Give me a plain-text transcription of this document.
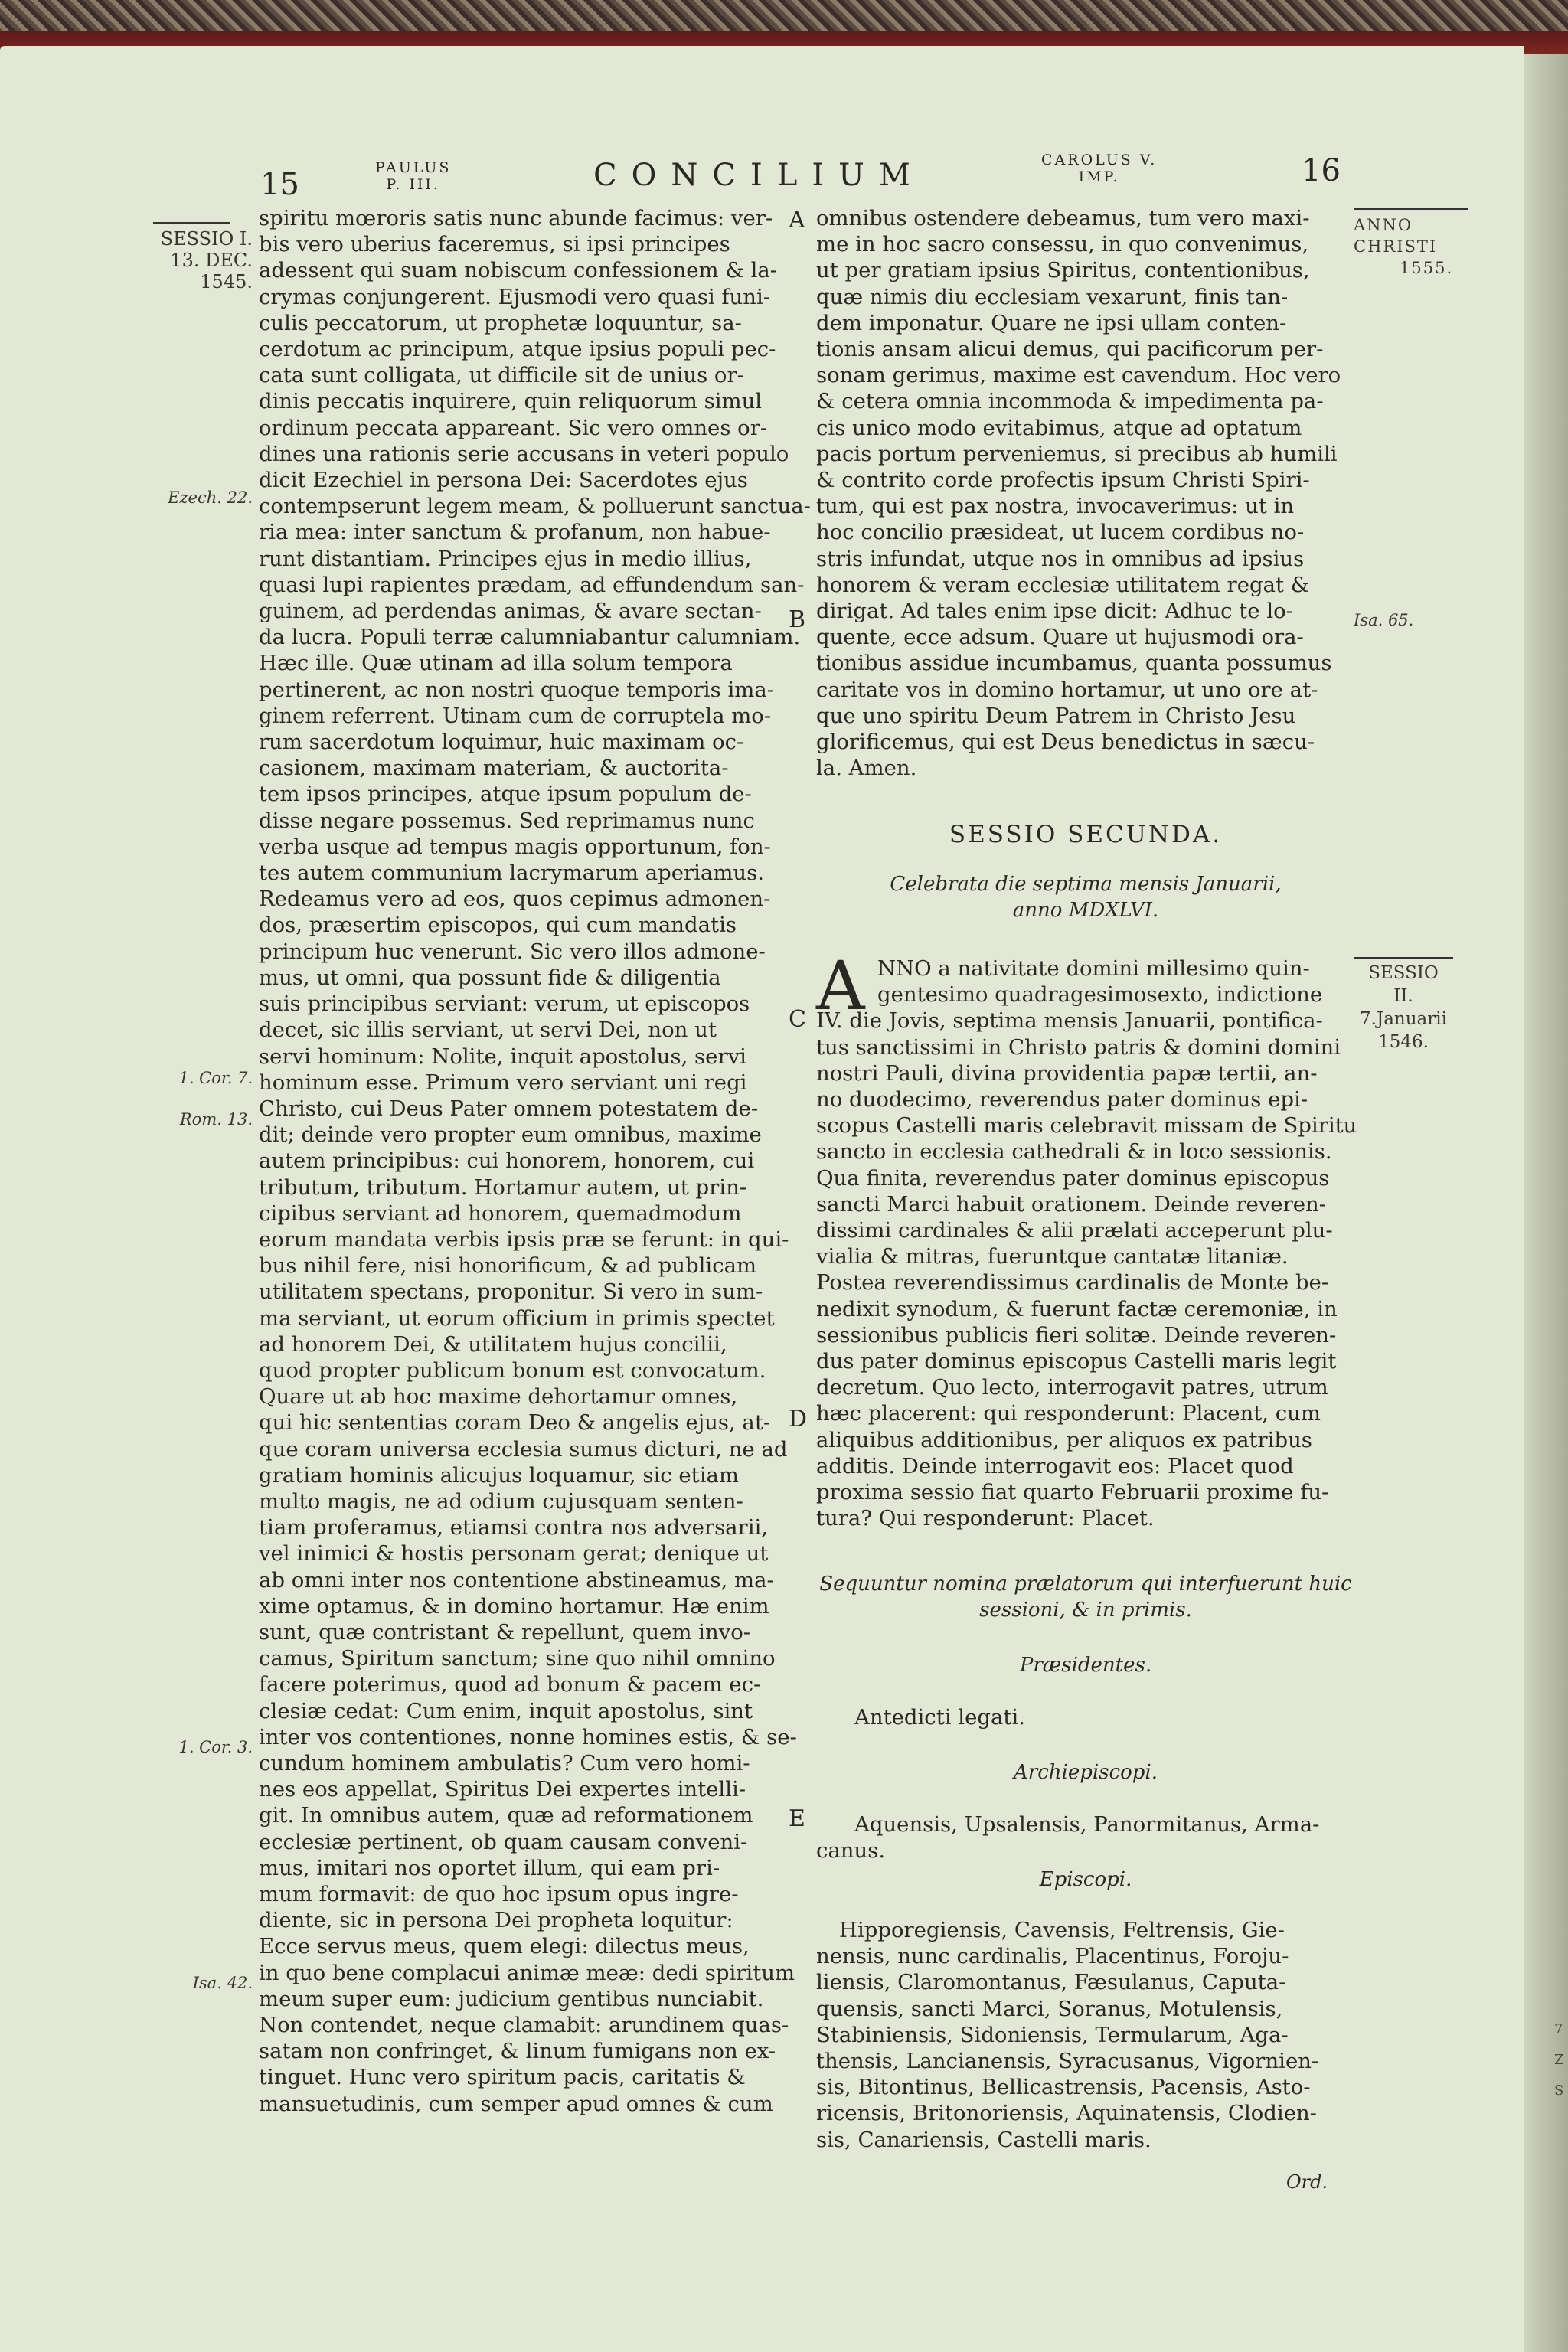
7
Z
S
15	PAULUS
P. III.	CONCILIUM	CAROLUS V.
IMP.	16
SESSIO I.
13. DEC.
1545.
Ezech. 22.
1. Cor. 7.
Rom. 13.
1. Cor. 3.
Isa. 42.
A
B
C
D
E
spiritu mœroris satis nunc abunde facimus: ver-
bis vero uberius faceremus, si ipsi principes
adessent qui suam nobiscum confessionem & la-
crymas conjungerent. Ejusmodi vero quasi funi-
culis peccatorum, ut prophetæ loquuntur, sa-
cerdotum ac principum, atque ipsius populi pec-
cata sunt colligata, ut difficile sit de unius or-
dinis peccatis inquirere, quin reliquorum simul
ordinum peccata appareant. Sic vero omnes or-
dines una rationis serie accusans in veteri populo
dicit Ezechiel in persona Dei: Sacerdotes ejus
contempserunt legem meam, & polluerunt sanctua-
ria mea: inter sanctum & profanum, non habue-
runt distantiam. Principes ejus in medio illius,
quasi lupi rapientes prædam, ad effundendum san-
guinem, ad perdendas animas, & avare sectan-
da lucra. Populi terræ calumniabantur calumniam.
Hæc ille. Quæ utinam ad illa solum tempora
pertinerent, ac non nostri quoque temporis ima-
ginem referrent. Utinam cum de corruptela mo-
rum sacerdotum loquimur, huic maximam oc-
casionem, maximam materiam, & auctorita-
tem ipsos principes, atque ipsum populum de-
disse negare possemus. Sed reprimamus nunc
verba usque ad tempus magis opportunum, fon-
tes autem communium lacrymarum aperiamus.
Redeamus vero ad eos, quos cepimus admonen-
dos, præsertim episcopos, qui cum mandatis
principum huc venerunt. Sic vero illos admone-
mus, ut omni, qua possunt fide & diligentia
suis principibus serviant: verum, ut episcopos
decet, sic illis serviant, ut servi Dei, non ut
servi hominum: Nolite, inquit apostolus, servi
hominum esse. Primum vero serviant uni regi
Christo, cui Deus Pater omnem potestatem de-
dit; deinde vero propter eum omnibus, maxime
autem principibus: cui honorem, honorem, cui
tributum, tributum. Hortamur autem, ut prin-
cipibus serviant ad honorem, quemadmodum
eorum mandata verbis ipsis præ se ferunt: in qui-
bus nihil fere, nisi honorificum, & ad publicam
utilitatem spectans, proponitur. Si vero in sum-
ma serviant, ut eorum officium in primis spectet
ad honorem Dei, & utilitatem hujus concilii,
quod propter publicum bonum est convocatum.
Quare ut ab hoc maxime dehortamur omnes,
qui hic sententias coram Deo & angelis ejus, at-
que coram universa ecclesia sumus dicturi, ne ad
gratiam hominis alicujus loquamur, sic etiam
multo magis, ne ad odium cujusquam senten-
tiam proferamus, etiamsi contra nos adversarii,
vel inimici & hostis personam gerat; denique ut
ab omni inter nos contentione abstineamus, ma-
xime optamus, & in domino hortamur. Hæ enim
sunt, quæ contristant & repellunt, quem invo-
camus, Spiritum sanctum; sine quo nihil omnino
facere poterimus, quod ad bonum & pacem ec-
clesiæ cedat: Cum enim, inquit apostolus, sint
inter vos contentiones, nonne homines estis, & se-
cundum hominem ambulatis? Cum vero homi-
nes eos appellat, Spiritus Dei expertes intelli-
git. In omnibus autem, quæ ad reformationem
ecclesiæ pertinent, ob quam causam conveni-
mus, imitari nos oportet illum, qui eam pri-
mum formavit: de quo hoc ipsum opus ingre-
diente, sic in persona Dei propheta loquitur:
Ecce servus meus, quem elegi: dilectus meus,
in quo bene complacui animæ meæ: dedi spiritum
meum super eum: judicium gentibus nunciabit.
Non contendet, neque clamabit: arundinem quas-
satam non confringet, & linum fumigans non ex-
tinguet. Hunc vero spiritum pacis, caritatis &
mansuetudinis, cum semper apud omnes & cum
omnibus ostendere debeamus, tum vero maxi-
me in hoc sacro consessu, in quo convenimus,
ut per gratiam ipsius Spiritus, contentionibus,
quæ nimis diu ecclesiam vexarunt, finis tan-
dem imponatur. Quare ne ipsi ullam conten-
tionis ansam alicui demus, qui pacificorum per-
sonam gerimus, maxime est cavendum. Hoc vero
& cetera omnia incommoda & impedimenta pa-
cis unico modo evitabimus, atque ad optatum
pacis portum perveniemus, si precibus ab humili
& contrito corde profectis ipsum Christi Spiri-
tum, qui est pax nostra, invocaverimus: ut in
hoc concilio præsideat, ut lucem cordibus no-
stris infundat, utque nos in omnibus ad ipsius
honorem & veram ecclesiæ utilitatem regat &
dirigat. Ad tales enim ipse dicit: Adhuc te lo-
quente, ecce adsum. Quare ut hujusmodi ora-
tionibus assidue incumbamus, quanta possumus
caritate vos in domino hortamur, ut uno ore at-
que uno spiritu Deum Patrem in Christo Jesu
glorificemus, qui est Deus benedictus in sæcu-
la. Amen.
ANNO
CHRISTI
1555.
Isa. 65.
SESSIO
II.
7.Januarii
1546.
SESSIO SECUNDA.
Celebrata die septima mensis Januarii,
anno MDXLVI.
A NNO a nativitate domini millesimo quin-
gentesimo quadragesimosexto, indictione
IV. die Jovis, septima mensis Januarii, pontifica-
tus sanctissimi in Christo patris & domini domini
nostri Pauli, divina providentia papæ tertii, an-
no duodecimo, reverendus pater dominus epi-
scopus Castelli maris celebravit missam de Spiritu
sancto in ecclesia cathedrali & in loco sessionis.
Qua finita, reverendus pater dominus episcopus
sancti Marci habuit orationem. Deinde reveren-
dissimi cardinales & alii prælati acceperunt plu-
vialia & mitras, fueruntque cantatæ litaniæ.
Postea reverendissimus cardinalis de Monte be-
nedixit synodum, & fuerunt factæ ceremoniæ, in
sessionibus publicis fieri solitæ. Deinde reveren-
dus pater dominus episcopus Castelli maris legit
decretum. Quo lecto, interrogavit patres, utrum
hæc placerent: qui responderunt: Placent, cum
aliquibus additionibus, per aliquos ex patribus
additis. Deinde interrogavit eos: Placet quod
proxima sessio fiat quarto Februarii proxime fu-
tura? Qui responderunt: Placet.
Sequuntur nomina prælatorum qui interfuerunt huic
sessioni, & in primis.
Præsidentes.
Antedicti legati.
Archiepiscopi.
Aquensis, Upsalensis, Panormitanus, Arma-
canus.
Episcopi.
Hipporegiensis, Cavensis, Feltrensis, Gie-
nensis, nunc cardinalis, Placentinus, Foroju-
liensis, Claromontanus, Fæsulanus, Caputa-
quensis, sancti Marci, Soranus, Motulensis,
Stabiniensis, Sidoniensis, Termularum, Aga-
thensis, Lancianensis, Syracusanus, Vigornien-
sis, Bitontinus, Bellicastrensis, Pacensis, Asto-
ricensis, Britonoriensis, Aquinatensis, Clodien-
sis, Canariensis, Castelli maris.
Ord.
